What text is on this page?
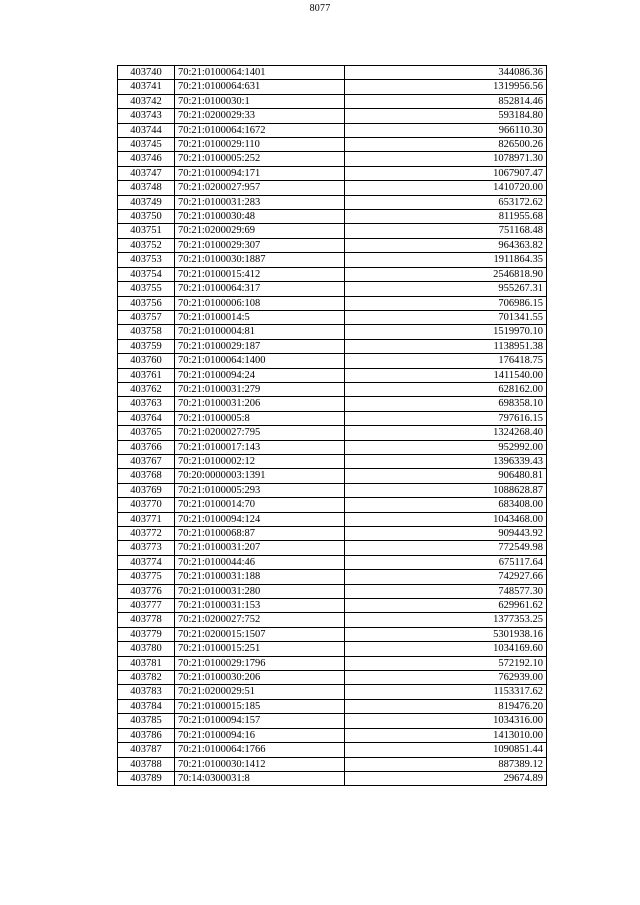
8077
403740	70:21:0100064:1401	344086.36
403741	70:21:0100064:631	1319956.56
403742	70:21:0100030:1	852814.46
403743	70:21:0200029:33	593184.80
403744	70:21:0100064:1672	966110.30
403745	70:21:0100029:110	826500.26
403746	70:21:0100005:252	1078971.30
403747	70:21:0100094:171	1067907.47
403748	70:21:0200027:957	1410720.00
403749	70:21:0100031:283	653172.62
403750	70:21:0100030:48	811955.68
403751	70:21:0200029:69	751168.48
403752	70:21:0100029:307	964363.82
403753	70:21:0100030:1887	1911864.35
403754	70:21:0100015:412	2546818.90
403755	70:21:0100064:317	955267.31
403756	70:21:0100006:108	706986.15
403757	70:21:0100014:5	701341.55
403758	70:21:0100004:81	1519970.10
403759	70:21:0100029:187	1138951.38
403760	70:21:0100064:1400	176418.75
403761	70:21:0100094:24	1411540.00
403762	70:21:0100031:279	628162.00
403763	70:21:0100031:206	698358.10
403764	70:21:0100005:8	797616.15
403765	70:21:0200027:795	1324268.40
403766	70:21:0100017:143	952992.00
403767	70:21:0100002:12	1396339.43
403768	70:20:0000003:1391	906480.81
403769	70:21:0100005:293	1088628.87
403770	70:21:0100014:70	683408.00
403771	70:21:0100094:124	1043468.00
403772	70:21:0100068:87	909443.92
403773	70:21:0100031:207	772549.98
403774	70:21:0100044:46	675117.64
403775	70:21:0100031:188	742927.66
403776	70:21:0100031:280	748577.30
403777	70:21:0100031:153	629961.62
403778	70:21:0200027:752	1377353.25
403779	70:21:0200015:1507	5301938.16
403780	70:21:0100015:251	1034169.60
403781	70:21:0100029:1796	572192.10
403782	70:21:0100030:206	762939.00
403783	70:21:0200029:51	1153317.62
403784	70:21:0100015:185	819476.20
403785	70:21:0100094:157	1034316.00
403786	70:21:0100094:16	1413010.00
403787	70:21:0100064:1766	1090851.44
403788	70:21:0100030:1412	887389.12
403789	70:14:0300031:8	29674.89
